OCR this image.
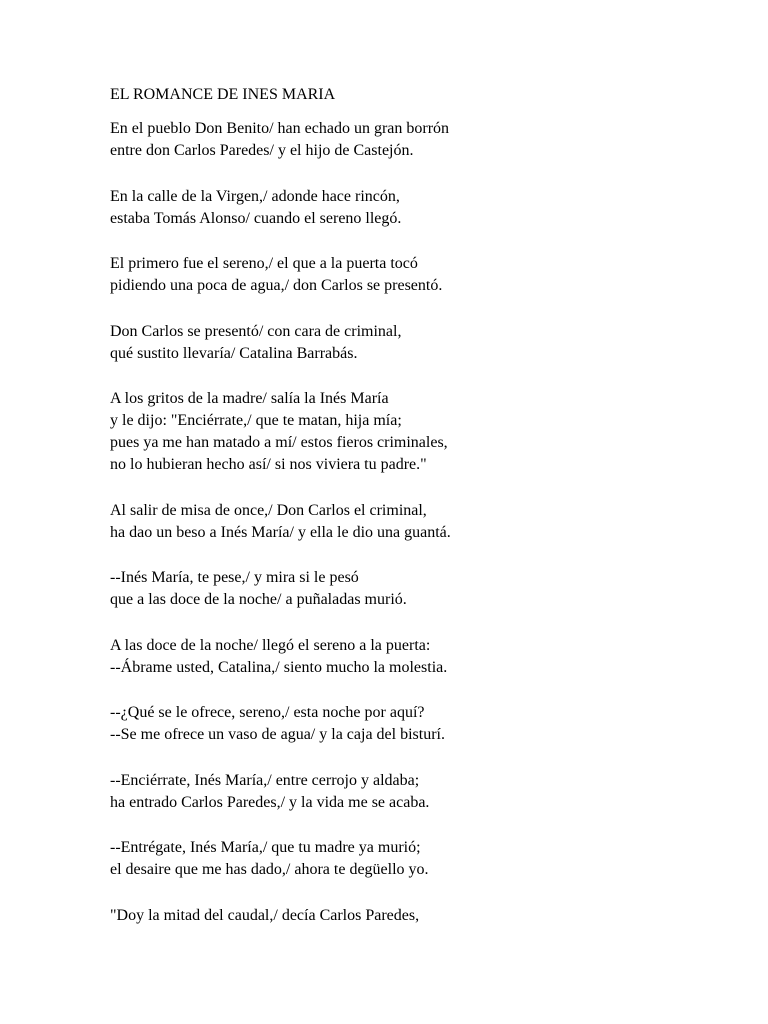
EL ROMANCE DE INES MARIA
En el pueblo Don Benito/ han echado un gran borrón
entre don Carlos Paredes/ y el hijo de Castejón.
En la calle de la Virgen,/ adonde hace rincón,
estaba Tomás Alonso/ cuando el sereno llegó.
El primero fue el sereno,/ el que a la puerta tocó
pidiendo una poca de agua,/ don Carlos se presentó.
Don Carlos se presentó/ con cara de criminal,
qué sustito llevaría/ Catalina Barrabás.
A los gritos de la madre/ salía la Inés María
y le dijo: "Enciérrate,/ que te matan, hija mía;
pues ya me han matado a mí/ estos fieros criminales,
no lo hubieran hecho así/ si nos viviera tu padre."
Al salir de misa de once,/ Don Carlos el criminal,
ha dao un beso a Inés María/ y ella le dio una guantá.
--Inés María, te pese,/ y mira si le pesó
que a las doce de la noche/ a puñaladas murió.
A las doce de la noche/ llegó el sereno a la puerta:
--Ábrame usted, Catalina,/ siento mucho la molestia.
--¿Qué se le ofrece, sereno,/ esta noche por aquí?
--Se me ofrece un vaso de agua/ y la caja del bisturí.
--Enciérrate, Inés María,/ entre cerrojo y aldaba;
ha entrado Carlos Paredes,/ y la vida me se acaba.
--Entrégate, Inés María,/ que tu madre ya murió;
el desaire que me has dado,/ ahora te degüello yo.
"Doy la mitad del caudal,/ decía Carlos Paredes,
